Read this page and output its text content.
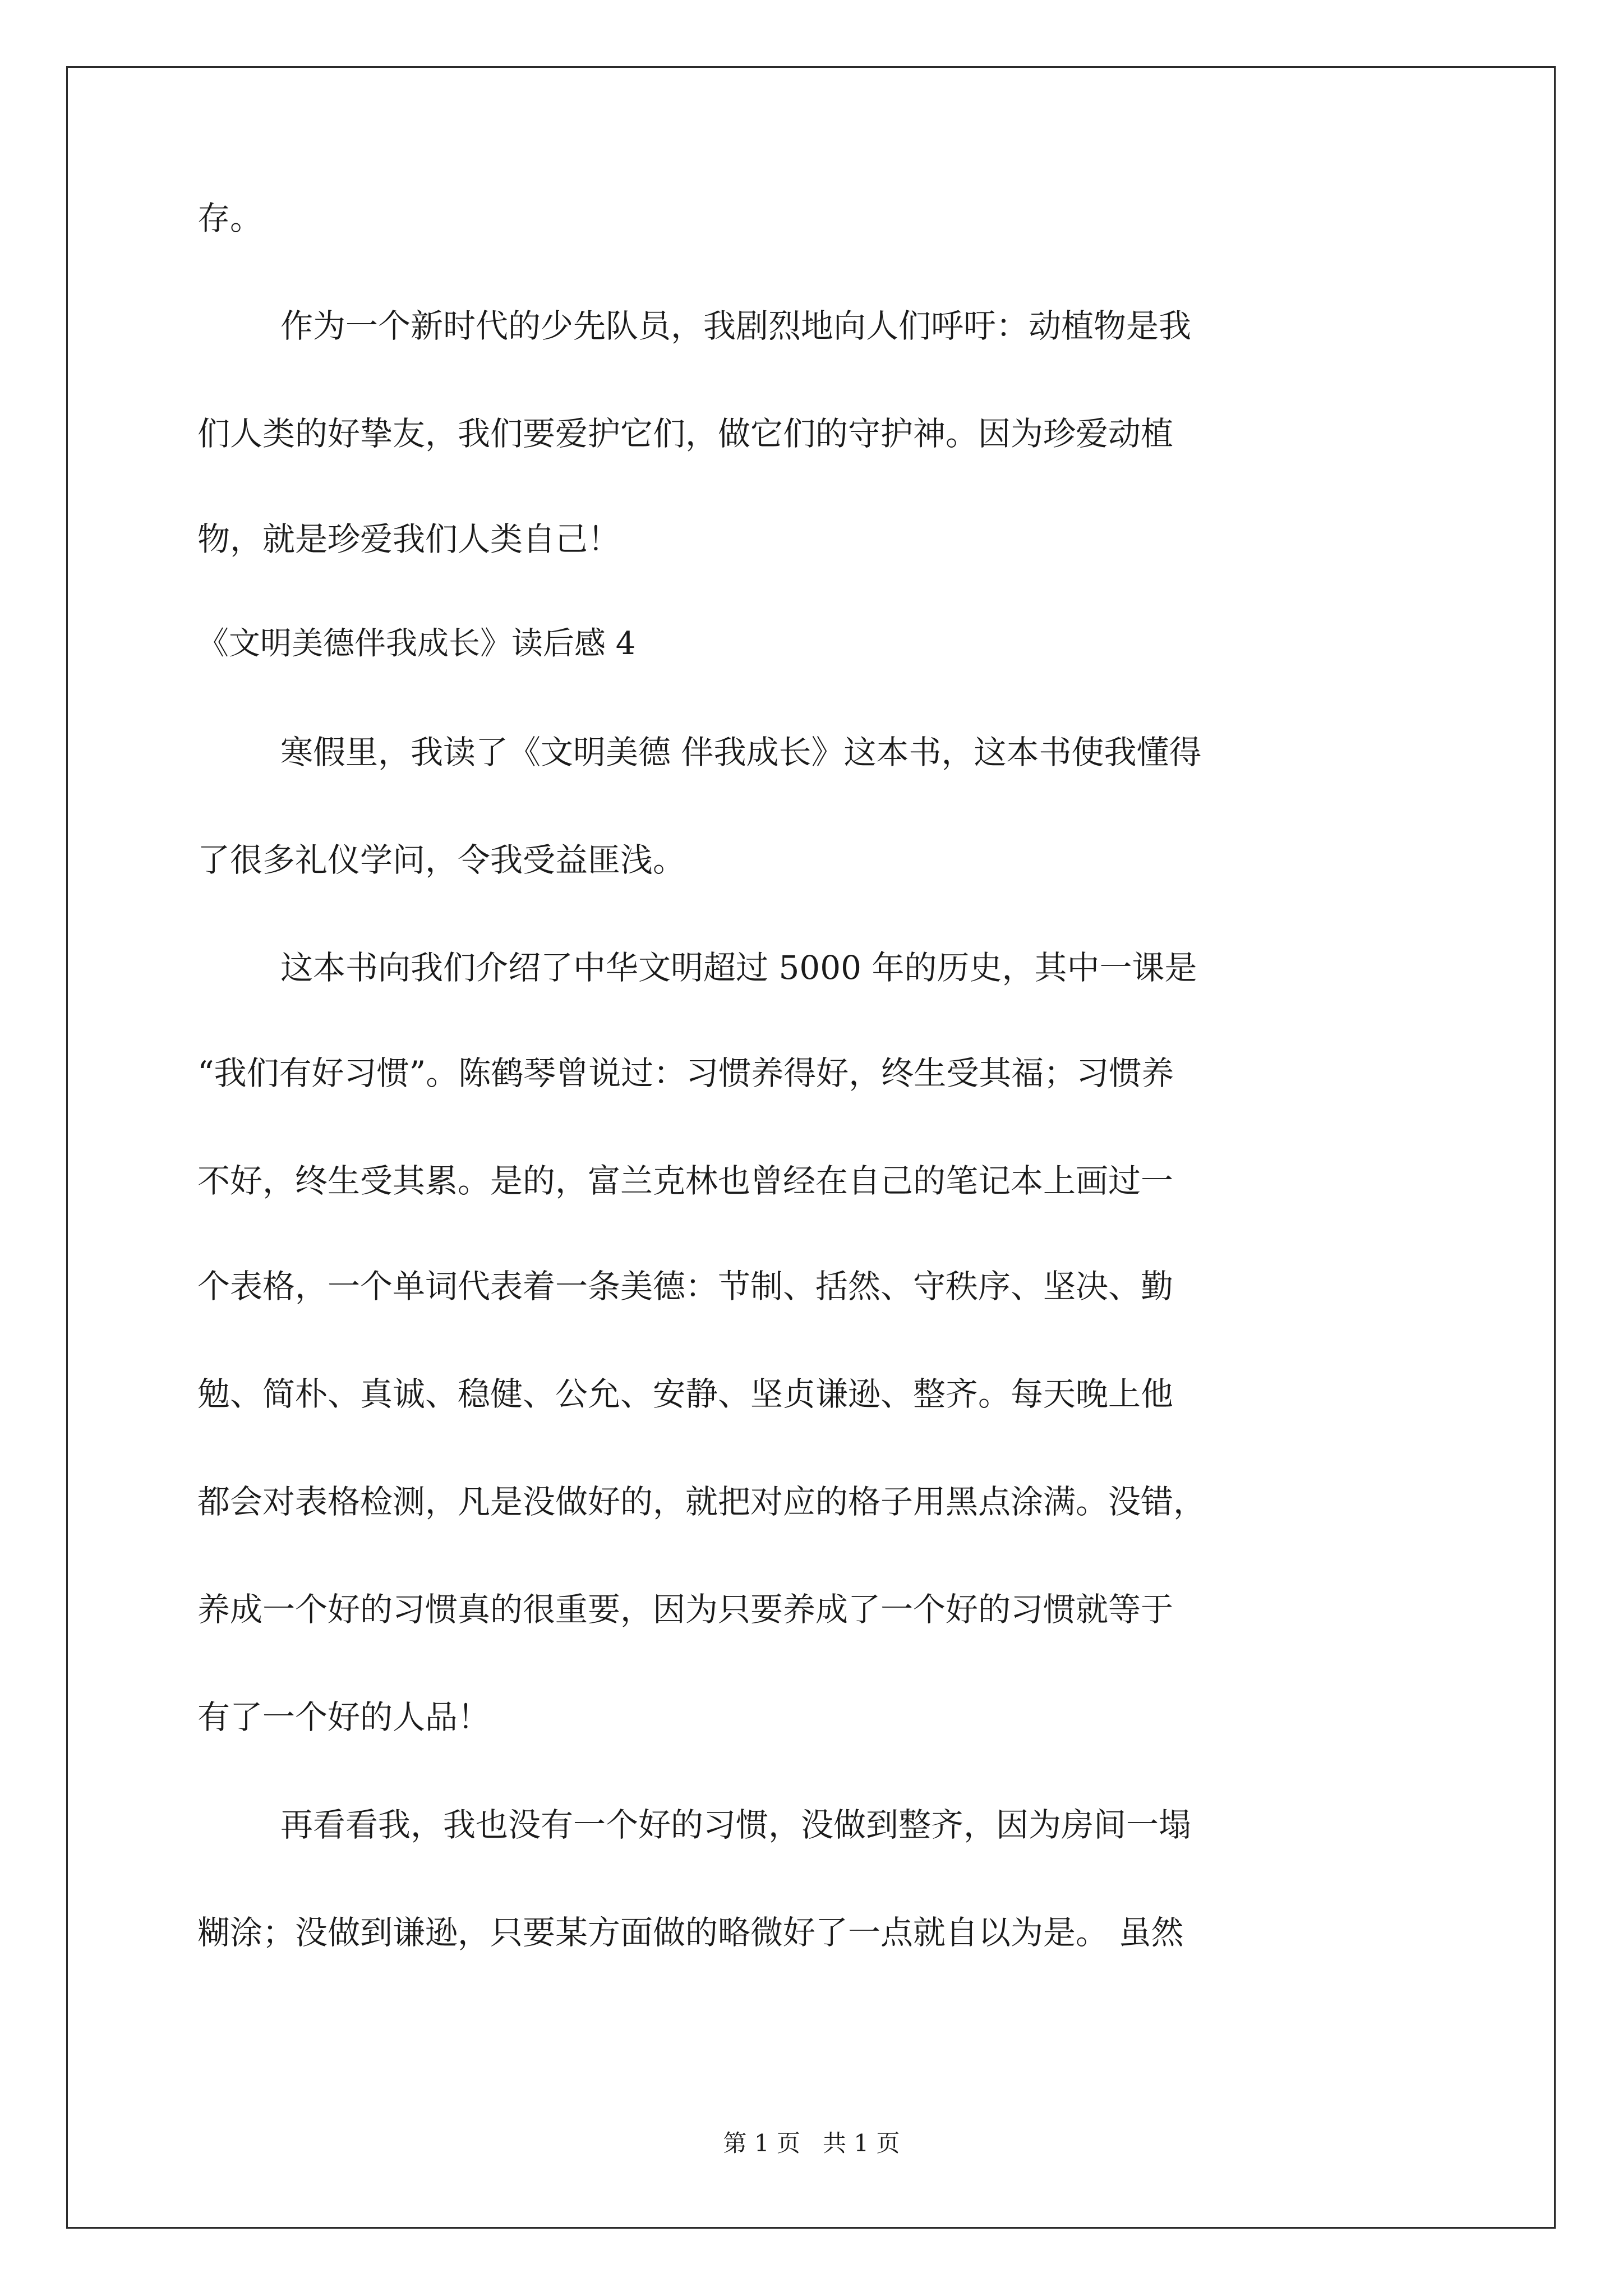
存。
作为一个新时代的少先队员，我剧烈地向人们呼吁：动植物是我
们人类的好挚友，我们要爱护它们，做它们的守护神。因为珍爱动植
物，就是珍爱我们人类自己！
《文明美德伴我成长》读后感 4
寒假里，我读了《文明美德 伴我成长》这本书，这本书使我懂得
了很多礼仪学问，令我受益匪浅。
这本书向我们介绍了中华文明超过 5000 年的历史，其中一课是
“我们有好习惯”。陈鹤琴曾说过：习惯养得好，终生受其福；习惯养
不好，终生受其累。是的，富兰克林也曾经在自己的笔记本上画过一
个表格，一个单词代表着一条美德：节制、括然、守秩序、坚决、勤
勉、简朴、真诚、稳健、公允、安静、坚贞谦逊、整齐。每天晚上他
都会对表格检测，凡是没做好的，就把对应的格子用黑点涂满。没错，
养成一个好的习惯真的很重要，因为只要养成了一个好的习惯就等于
有了一个好的人品！
再看看我，我也没有一个好的习惯，没做到整齐，因为房间一塌
糊涂；没做到谦逊，只要某方面做的略微好了一点就自以为是。 虽然
第 1 页   共 1 页
